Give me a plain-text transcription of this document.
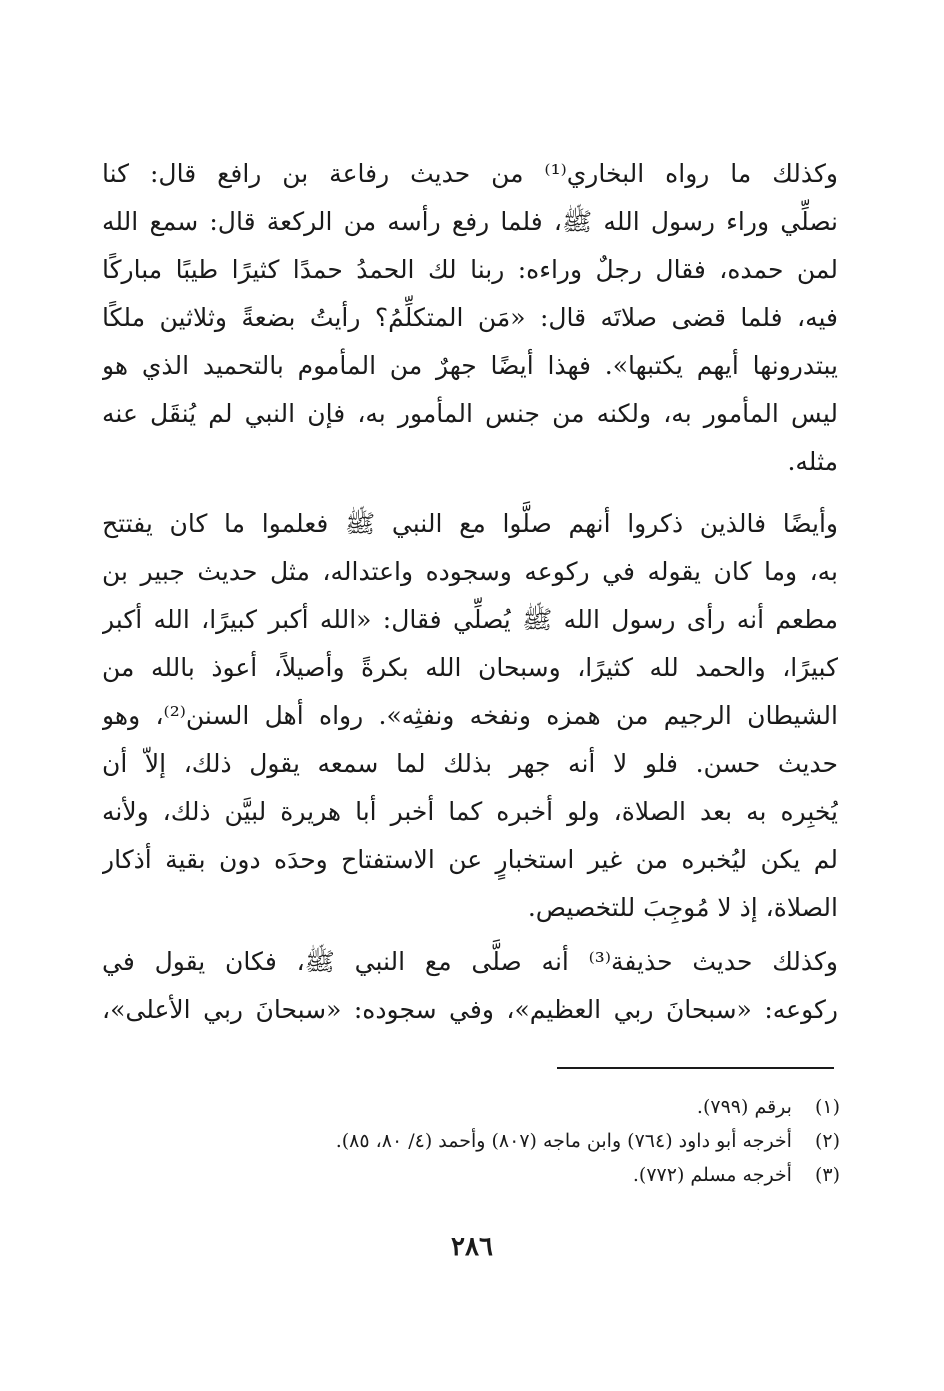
وكذلك ما رواه البخاري⁽¹⁾ من حديث رفاعة بن رافع قال: كنا
نصلِّي وراء رسول الله ﷺ، فلما رفع رأسه من الركعة قال: سمع الله
لمن حمده، فقال رجلٌ وراءه: ربنا لك الحمدُ حمدًا كثيرًا طيبًا مباركًا
فيه، فلما قضى صلاتَه قال: «مَن المتكلِّمُ؟ رأيتُ بضعةً وثلاثين ملكًا
يبتدرونها أيهم يكتبها». فهذا أيضًا جهرٌ من المأموم بالتحميد الذي هو
ليس المأمور به، ولكنه من جنس المأمور به، فإن النبي لم يُنقَل عنه
مثله.
وأيضًا فالذين ذكروا أنهم صلَّوا مع النبي ﷺ فعلموا ما كان يفتتح
به، وما كان يقوله في ركوعه وسجوده واعتداله، مثل حديث جبير بن
مطعم أنه رأى رسول الله ﷺ يُصلِّي فقال: «الله أكبر كبيرًا، الله أكبر
كبيرًا، والحمد لله كثيرًا، وسبحان الله بكرةً وأصيلاً، أعوذ بالله من
الشيطان الرجيم من همزه ونفخه ونفثِه». رواه أهل السنن⁽²⁾، وهو
حديث حسن. فلو لا أنه جهر بذلك لما سمعه يقول ذلك، إلاّ أن
يُخبِره به بعد الصلاة، ولو أخبره كما أخبر أبا هريرة لبيَّن ذلك، ولأنه
لم يكن ليُخبره من غير استخبارٍ عن الاستفتاح وحدَه دون بقية أذكار
الصلاة، إذ لا مُوجِبَ للتخصيص.
وكذلك حديث حذيفة⁽³⁾ أنه صلَّى مع النبي ﷺ، فكان يقول في
ركوعه: «سبحانَ ربي العظيم»، وفي سجوده: «سبحانَ ربي الأعلى»،
(١) برقم (٧٩٩).
(٢) أخرجه أبو داود (٧٦٤) وابن ماجه (٨٠٧) وأحمد (٤/ ٨٠، ٨٥).
(٣) أخرجه مسلم (٧٧٢).
٢٨٦
